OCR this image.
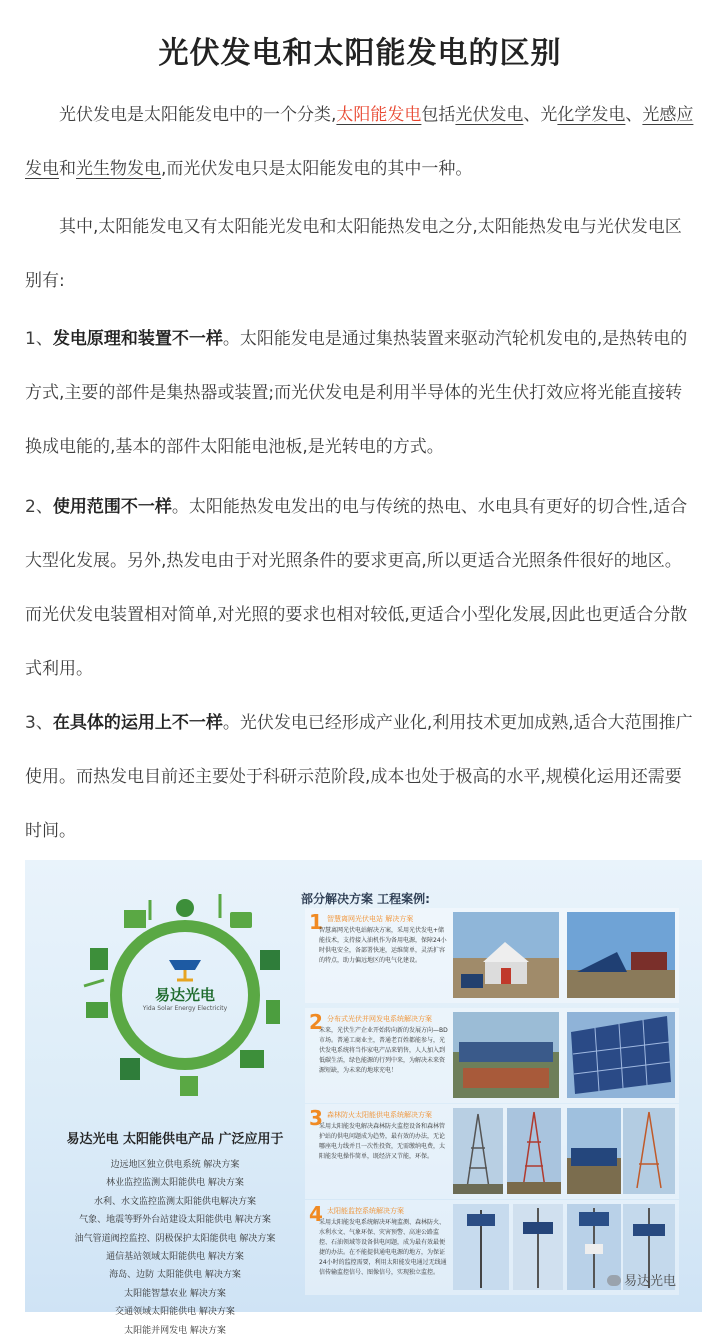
光伏发电和太阳能发电的区别

光伏发电是太阳能发电中的一个分类,太阳能发电包括光伏发电、光化学发电、光感应发电和光生物发电,而光伏发电只是太阳能发电的其中一种。

其中,太阳能发电又有太阳能光发电和太阳能热发电之分,太阳能热发电与光伏发电区别有:

1、发电原理和装置不一样。太阳能发电是通过集热装置来驱动汽轮机发电的,是热转电的方式,主要的部件是集热器或装置;而光伏发电是利用半导体的光生伏打效应将光能直接转换成电能的,基本的部件太阳能电池板,是光转电的方式。

2、使用范围不一样。太阳能热发电发出的电与传统的热电、水电具有更好的切合性,适合大型化发展。另外,热发电由于对光照条件的要求更高,所以更适合光照条件很好的地区。而光伏发电装置相对简单,对光照的要求也相对较低,更适合小型化发展,因此也更适合分散式利用。

3、在具体的运用上不一样。光伏发电已经形成产业化,利用技术更加成熟,适合大范围推广使用。而热发电目前还主要处于科研示范阶段,成本也处于极高的水平,规模化运用还需要时间。

易达光电
Yida Solar Energy Electricity
易达光电 太阳能供电产品 广泛应用于
边远地区独立供电系统 解决方案
林业监控监测太阳能供电 解决方案
水利、水文监控监测太阳能供电解决方案
气象、地震等野外台站建设太阳能供电 解决方案
油气管道阀控监控、阴极保护太阳能供电 解决方案
通信基站领域太阳能供电 解决方案
海岛、边防 太阳能供电 解决方案
太阳能智慧农业 解决方案
交通领域太阳能供电 解决方案
太阳能并网发电 解决方案
部分解决方案 工程案例:
1 智慧离网光伏电站 解决方案
智慧离网光伏电站解决方案，采用光伏发电+储能技术，支持接入油机作为备用电源，保障24小时供电安全，备部署快速，运维简单，灵活扩容的特点，助力偏远地区的电气化建设。
2 分布式光伏并网发电系统解决方案
未来，光伏生产企业开始转向新的发展方向—BD市场。普通工商业主，普通老百姓都能参与，光伏发电系统将当作家电产品来销售，人人加入到低碳生活，绿色能源的行列中来，为解决未来资源短缺，为未来的地球充电！
3 森林防火太阳能供电系统解决方案
采用太阳能发电解决森林防火监控设备和森林管护站的供电问题成为趋势，最有效的办法，无论哪座电力线并且一次性投资，无需缴纳电费，太阳能发电操作简单，既经济又节能，环保。
4 太阳能监控系统解决方案
采用太阳能发电系统解决环境监测、森林防火、水利水文、气象环保、灾害预警、高速公路监控、石油领域等设备供电问题，成为最有效最便捷的办法。在不能提供通电电源的地方，为保证24小时的监控需要，利用太阳能发电通过无线通信传输监控信号、图像信号，实现独立监控。
易达光电
